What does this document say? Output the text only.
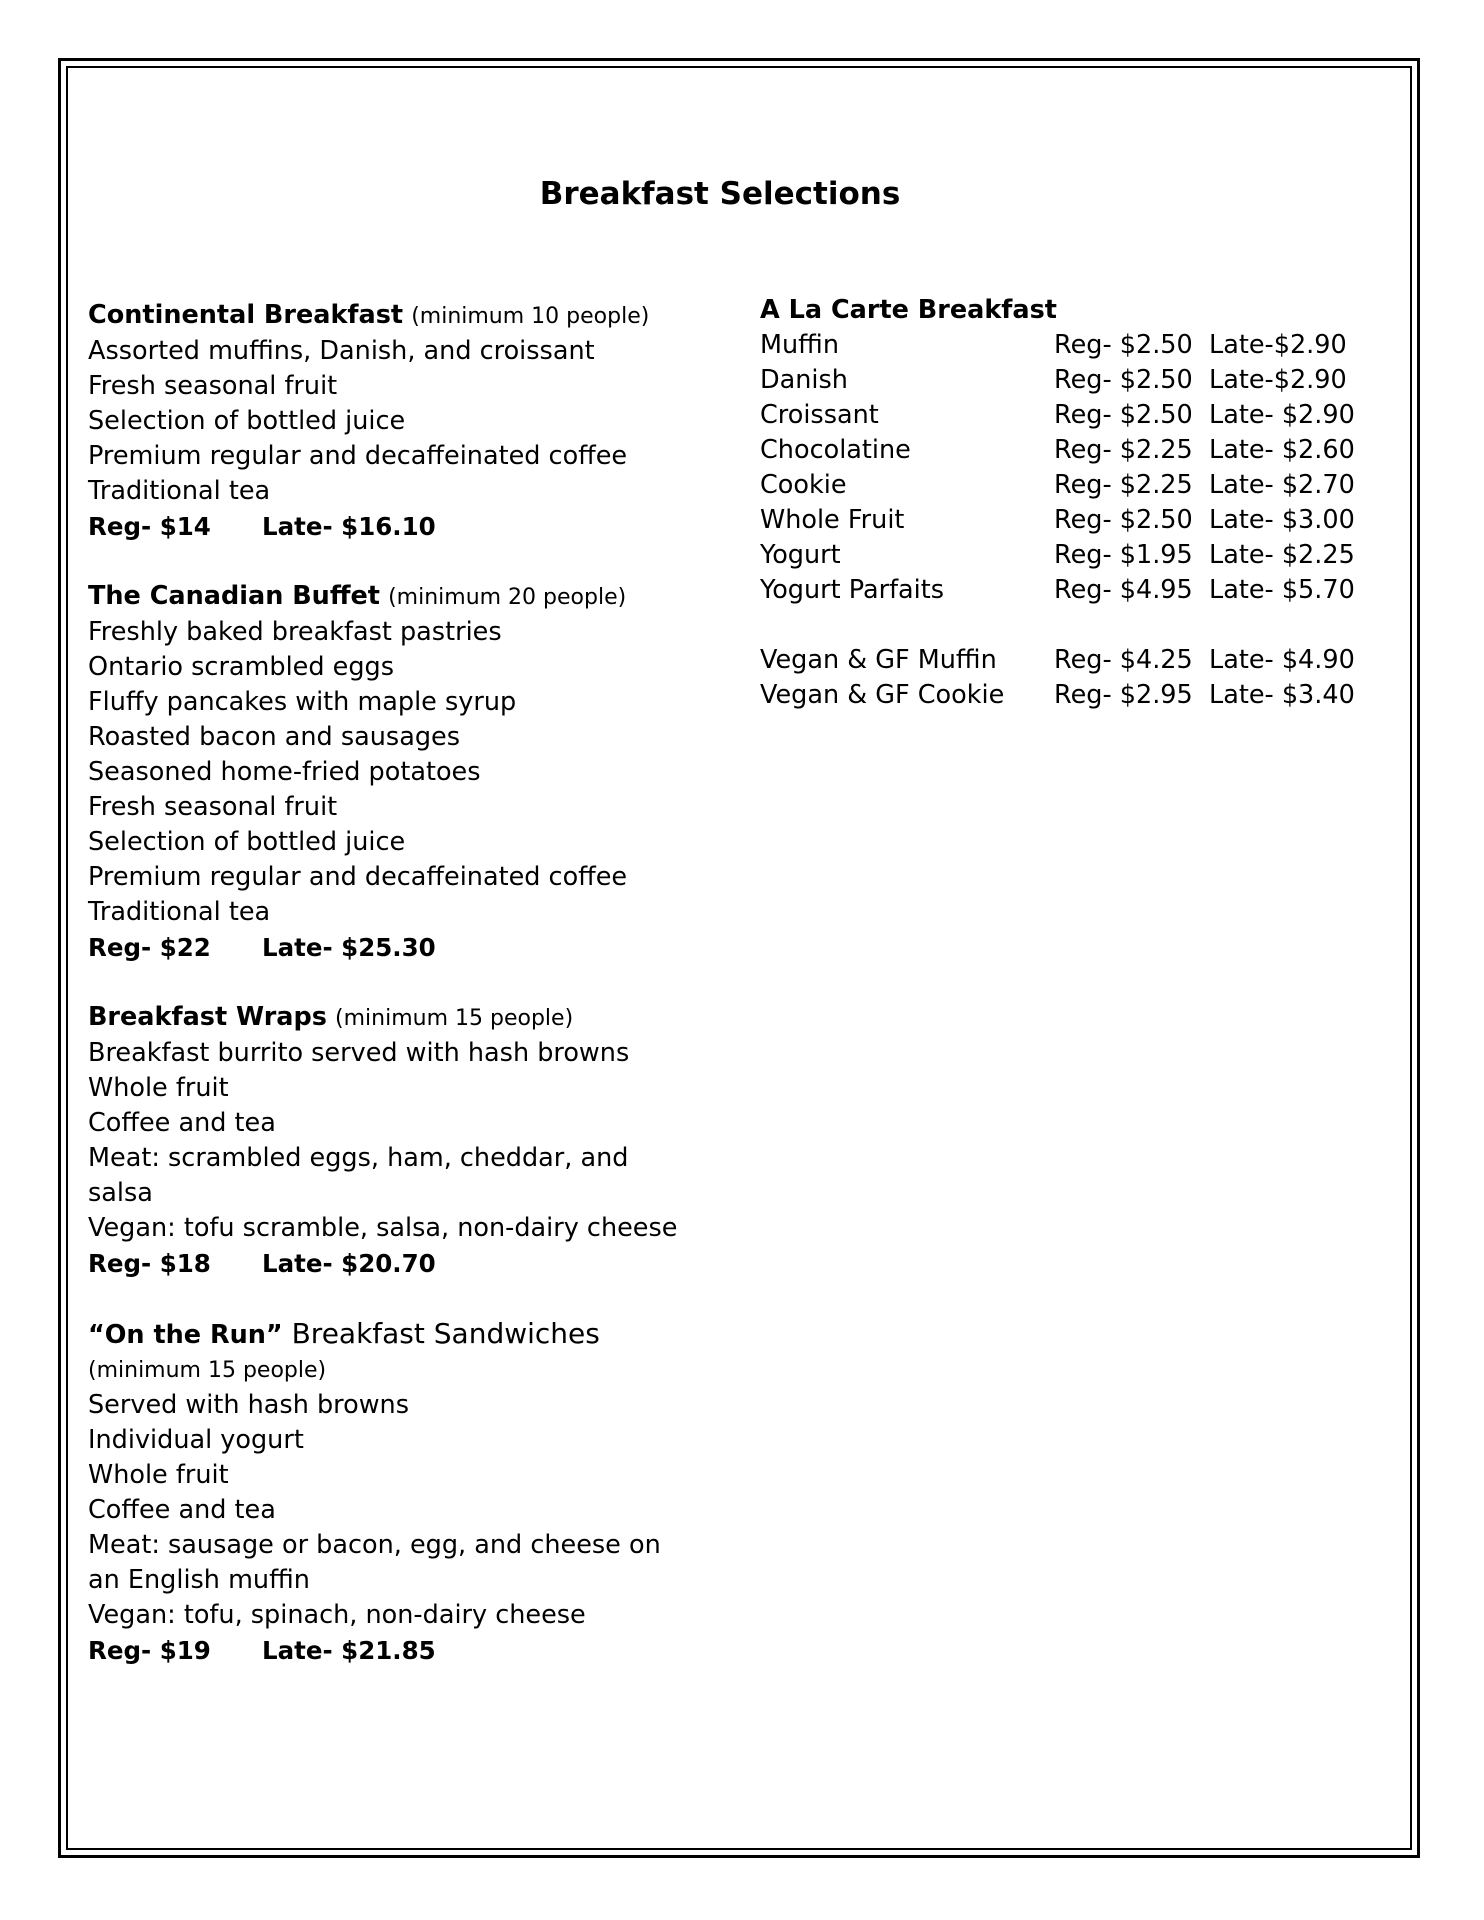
Breakfast Selections
Continental Breakfast (minimum 10 people)
Assorted muffins, Danish, and croissant
Fresh seasonal fruit
Selection of bottled juice
Premium regular and decaffeinated coffee
Traditional tea
Reg- $14 Late- $16.10
The Canadian Buffet (minimum 20 people)
Freshly baked breakfast pastries
Ontario scrambled eggs
Fluffy pancakes with maple syrup
Roasted bacon and sausages
Seasoned home-fried potatoes
Fresh seasonal fruit
Selection of bottled juice
Premium regular and decaffeinated coffee
Traditional tea
Reg- $22 Late- $25.30
Breakfast Wraps (minimum 15 people)
Breakfast burrito served with hash browns
Whole fruit
Coffee and tea
Meat: scrambled eggs, ham, cheddar, and salsa
Vegan: tofu scramble, salsa, non-dairy cheese
Reg- $18 Late- $20.70
“On the Run” Breakfast Sandwiches
(minimum 15 people)
Served with hash browns
Individual yogurt
Whole fruit
Coffee and tea
Meat: sausage or bacon, egg, and cheese on an English muffin
Vegan: tofu, spinach, non-dairy cheese
Reg- $19 Late- $21.85
A La Carte Breakfast
Muffin	Reg- $2.50 Late-$2.90
Danish	Reg- $2.50 Late-$2.90
Croissant	Reg- $2.50 Late- $2.90
Chocolatine	Reg- $2.25 Late- $2.60
Cookie	Reg- $2.25 Late- $2.70
Whole Fruit	Reg- $2.50 Late- $3.00
Yogurt	Reg- $1.95 Late- $2.25
Yogurt Parfaits	Reg- $4.95 Late- $5.70
Vegan & GF Muffin	Reg- $4.25 Late- $4.90
Vegan & GF Cookie	Reg- $2.95 Late- $3.40
